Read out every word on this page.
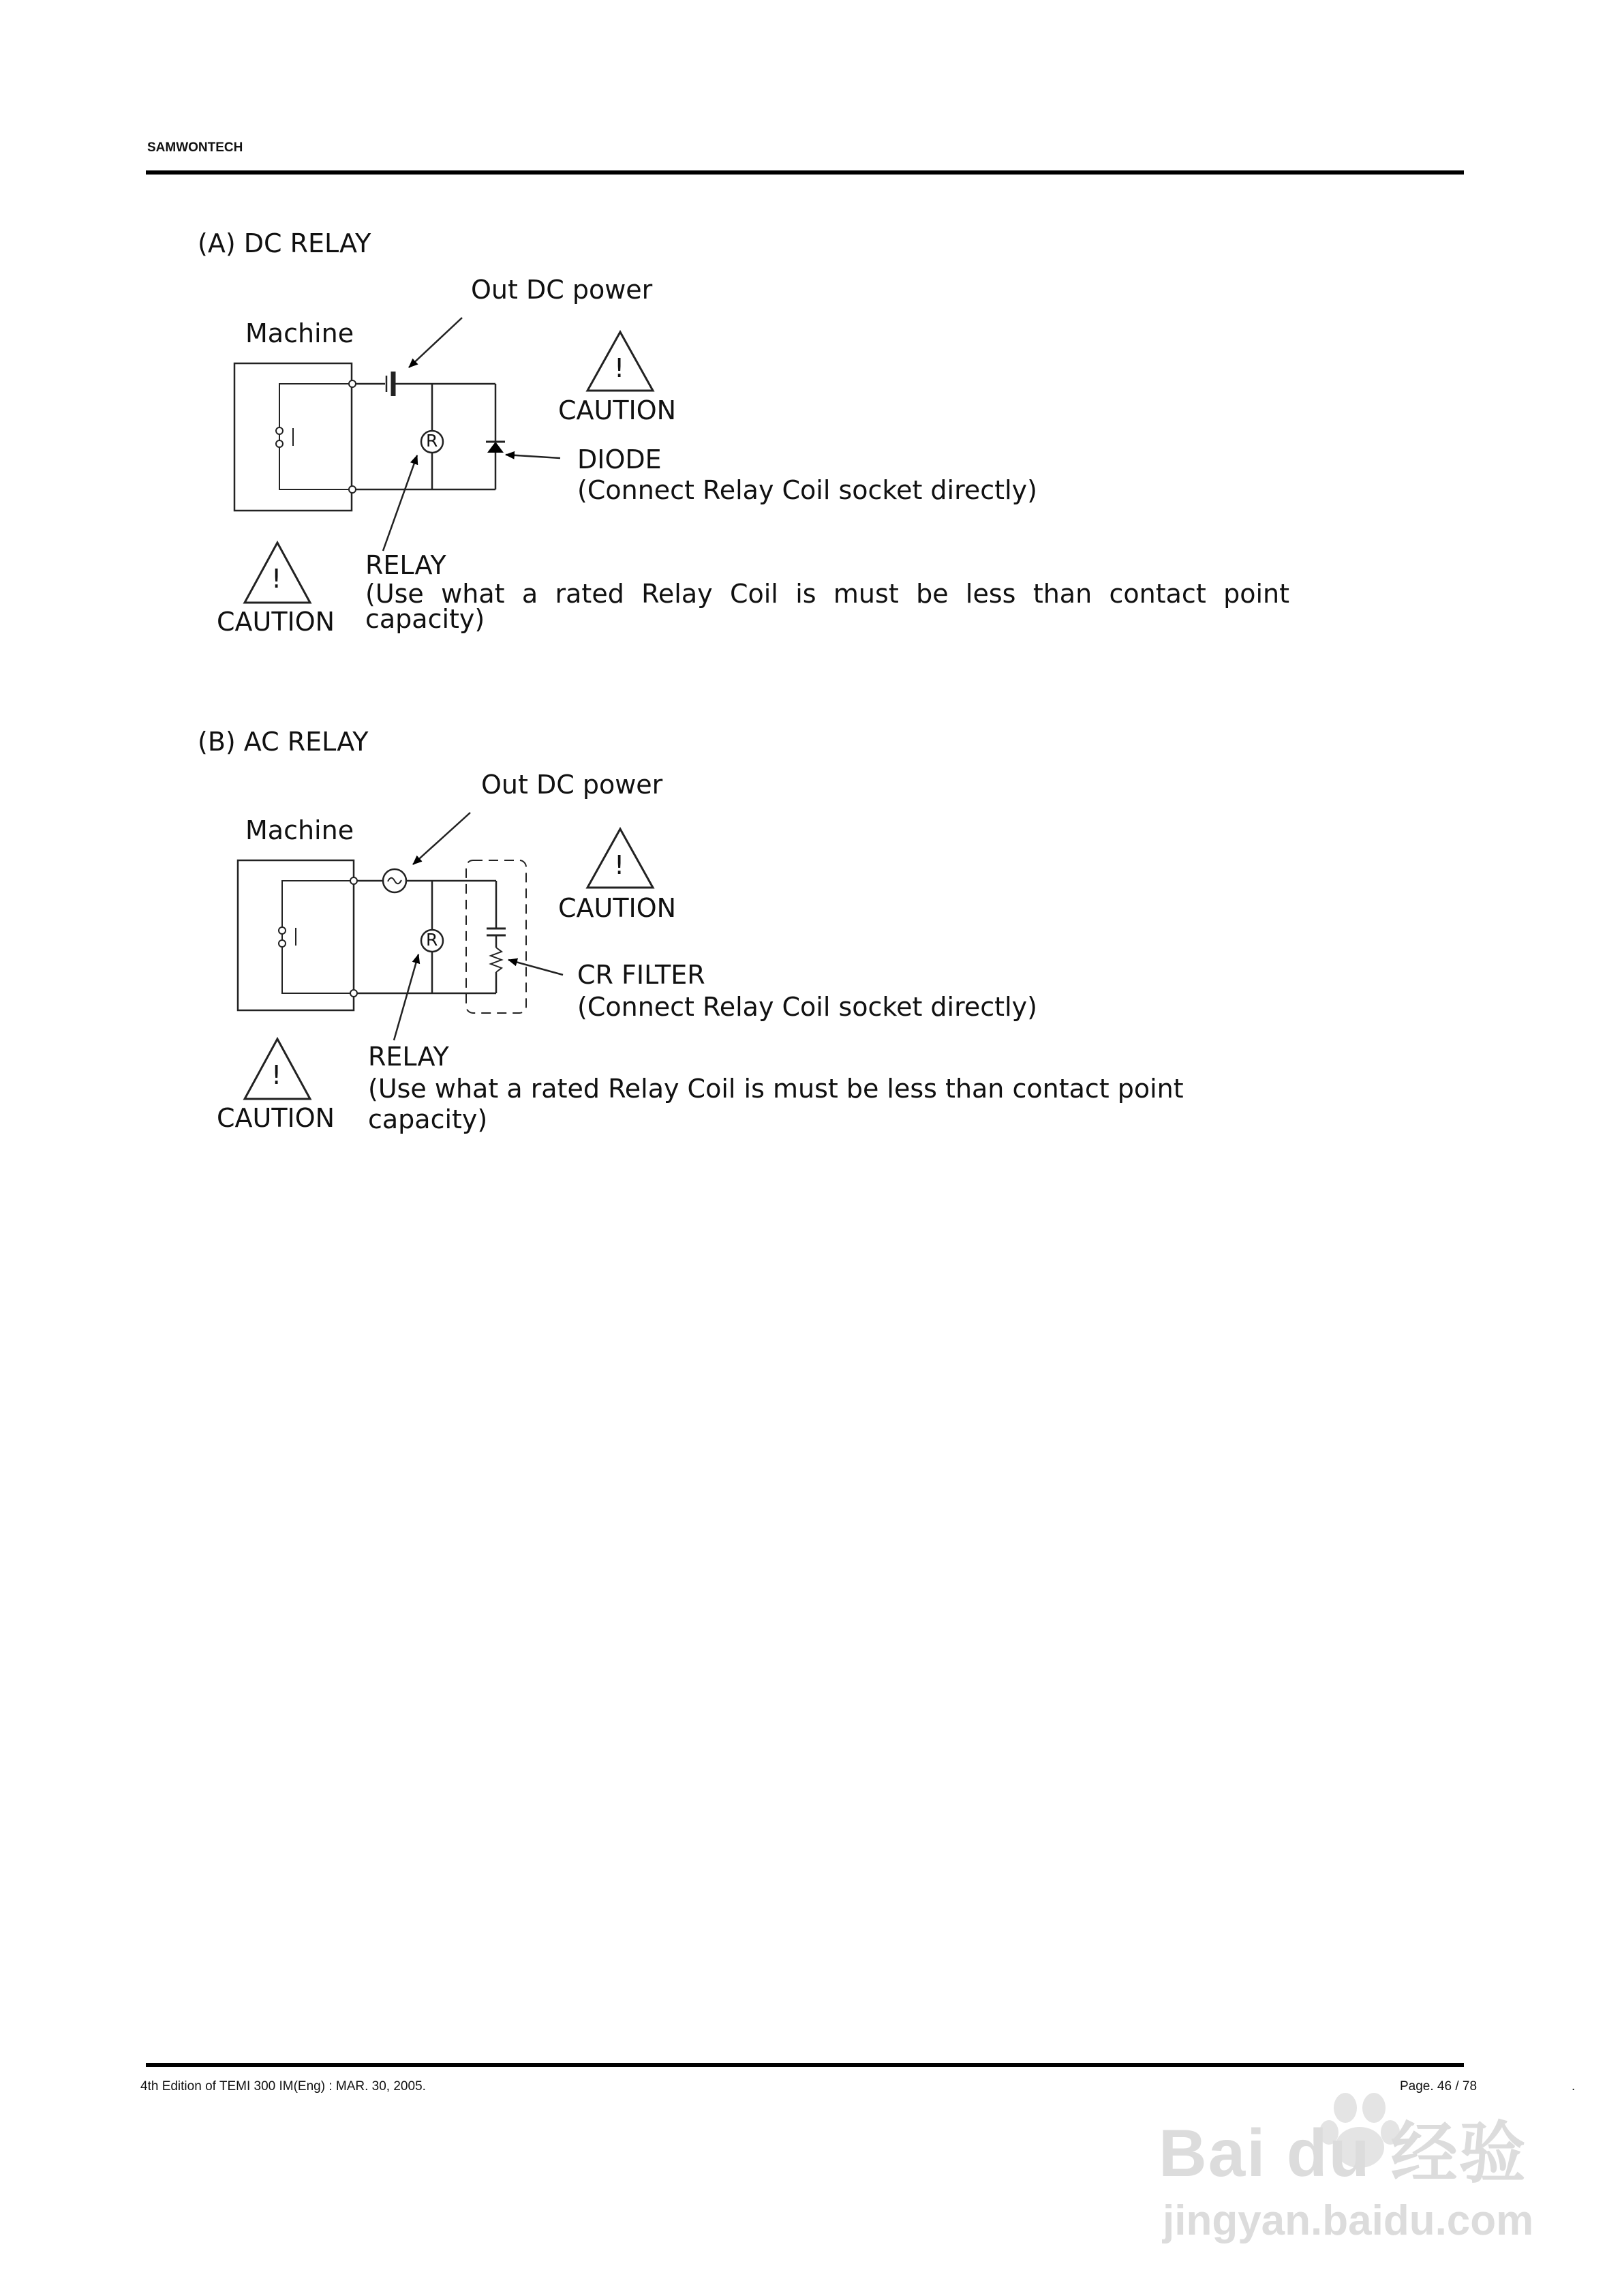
SAMWONTECH
(A) DC RELAY
Machine
Out DC power
!
CAUTION
DIODE
(Connect Relay Coil socket directly)
R
!
CAUTION
RELAY
(Use what a rated Relay Coil is must be less than contact point
capacity)
(B) AC RELAY
Machine
Out DC power
!
CAUTION
CR FILTER
(Connect Relay Coil socket directly)
R
!
CAUTION
RELAY
(Use what a rated Relay Coil is must be less than contact point
capacity)
4th Edition of TEMI 300 IM(Eng) : MAR. 30, 2005.	Page. 46 / 78	.
Bai du 经验
jingyan.baidu.com
